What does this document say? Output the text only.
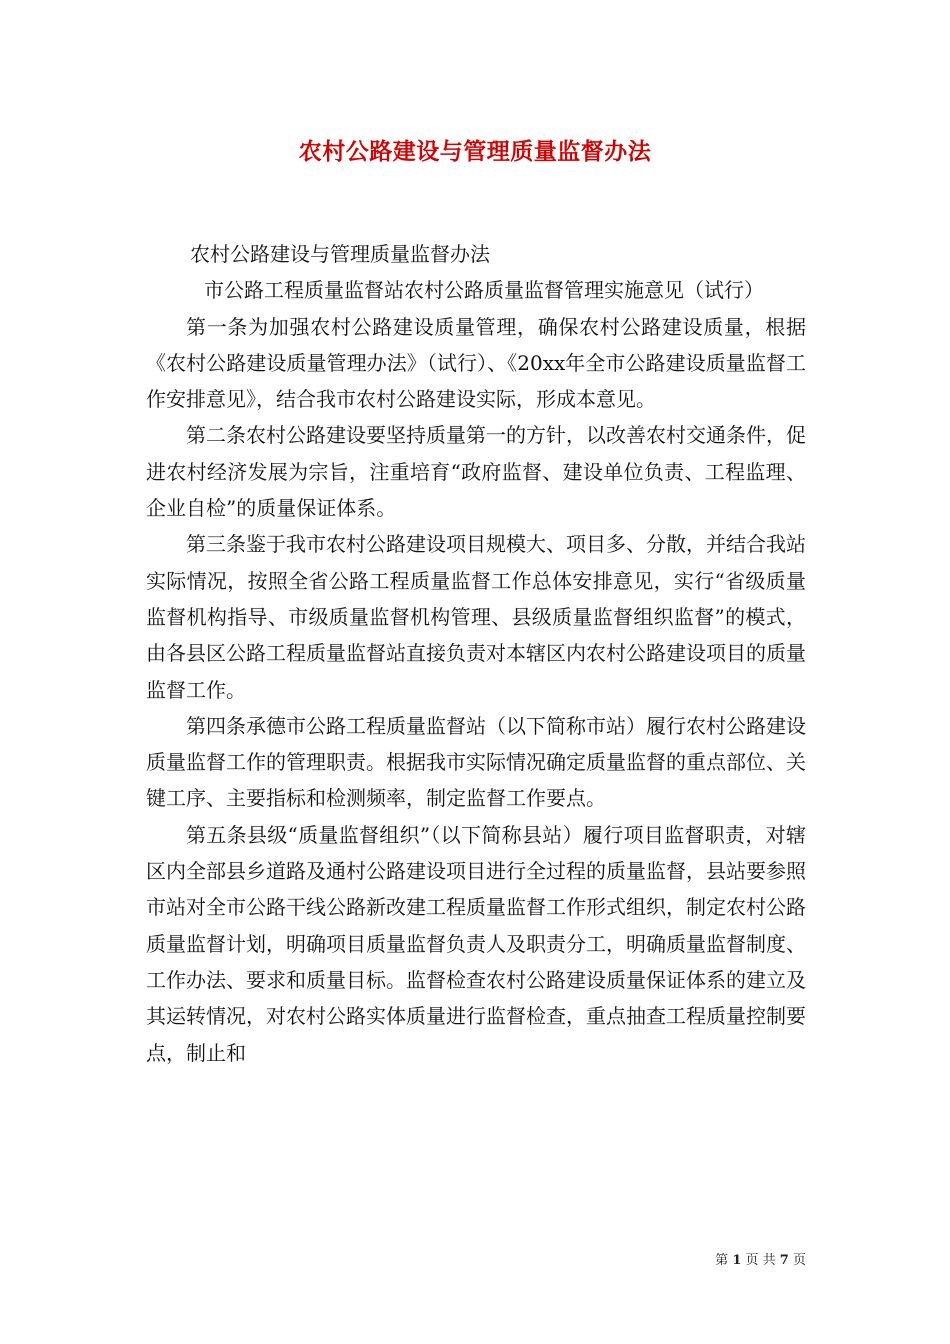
农村公路建设与管理质量监督办法

农村公路建设与管理质量监督办法

市公路工程质量监督站农村公路质量监督管理实施意见（试行）

第一条为加强农村公路建设质量管理，确保农村公路建设质量，根据《农村公路建设质量管理办法》（试行）、《20xx年全市公路建设质量监督工作安排意见》，结合我市农村公路建设实际，形成本意见。

第二条农村公路建设要坚持质量第一的方针，以改善农村交通条件，促进农村经济发展为宗旨，注重培育“政府监督、建设单位负责、工程监理、企业自检”的质量保证体系。

第三条鉴于我市农村公路建设项目规模大、项目多、分散，并结合我站实际情况，按照全省公路工程质量监督工作总体安排意见，实行“省级质量监督机构指导、市级质量监督机构管理、县级质量监督组织监督”的模式，由各县区公路工程质量监督站直接负责对本辖区内农村公路建设项目的质量监督工作。

第四条承德市公路工程质量监督站（以下简称市站）履行农村公路建设质量监督工作的管理职责。根据我市实际情况确定质量监督的重点部位、关键工序、主要指标和检测频率，制定监督工作要点。

第五条县级“质量监督组织”（以下简称县站）履行项目监督职责，对辖区内全部县乡道路及通村公路建设项目进行全过程的质量监督，县站要参照市站对全市公路干线公路新改建工程质量监督工作形式组织，制定农村公路质量监督计划，明确项目质量监督负责人及职责分工，明确质量监督制度、工作办法、要求和质量目标。监督检查农村公路建设质量保证体系的建立及其运转情况，对农村公路实体质量进行监督检查，重点抽查工程质量控制要点，制止和

第 1 页 共 7 页
